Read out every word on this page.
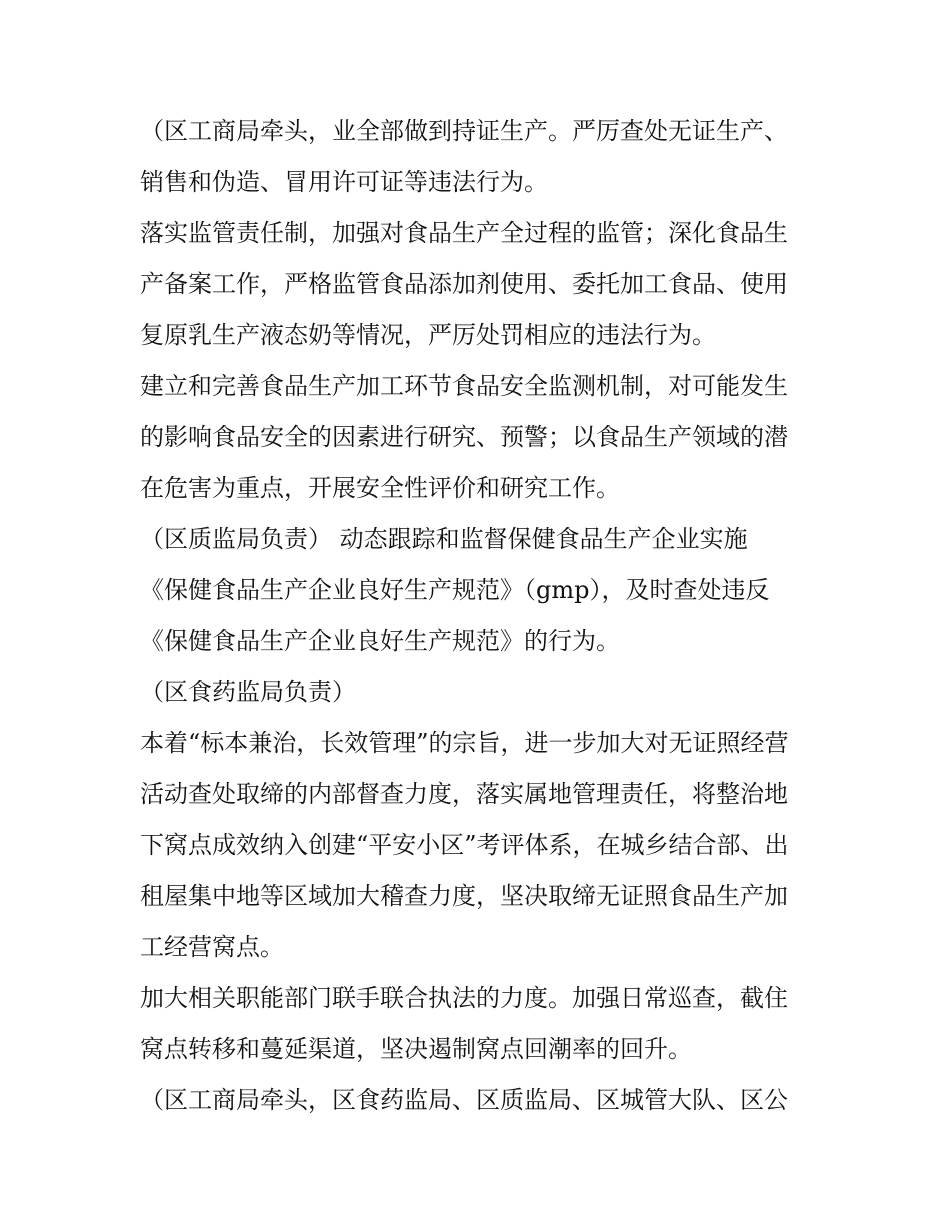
（区工商局牵头，业全部做到持证生产。严厉查处无证生产、
销售和伪造、冒用许可证等违法行为。
落实监管责任制，加强对食品生产全过程的监管；深化食品生
产备案工作，严格监管食品添加剂使用、委托加工食品、使用
复原乳生产液态奶等情况，严厉处罚相应的违法行为。
建立和完善食品生产加工环节食品安全监测机制，对可能发生
的影响食品安全的因素进行研究、预警；以食品生产领域的潜
在危害为重点，开展安全性评价和研究工作。
（区质监局负责） 动态跟踪和监督保健食品生产企业实施
《保健食品生产企业良好生产规范》（gmp），及时查处违反
《保健食品生产企业良好生产规范》的行为。
（区食药监局负责）
本着“标本兼治，长效管理”的宗旨，进一步加大对无证照经营
活动查处取缔的内部督查力度，落实属地管理责任，将整治地
下窝点成效纳入创建“平安小区”考评体系，在城乡结合部、出
租屋集中地等区域加大稽查力度，坚决取缔无证照食品生产加
工经营窝点。
加大相关职能部门联手联合执法的力度。加强日常巡查，截住
窝点转移和蔓延渠道，坚决遏制窝点回潮率的回升。
（区工商局牵头，区食药监局、区质监局、区城管大队、区公
